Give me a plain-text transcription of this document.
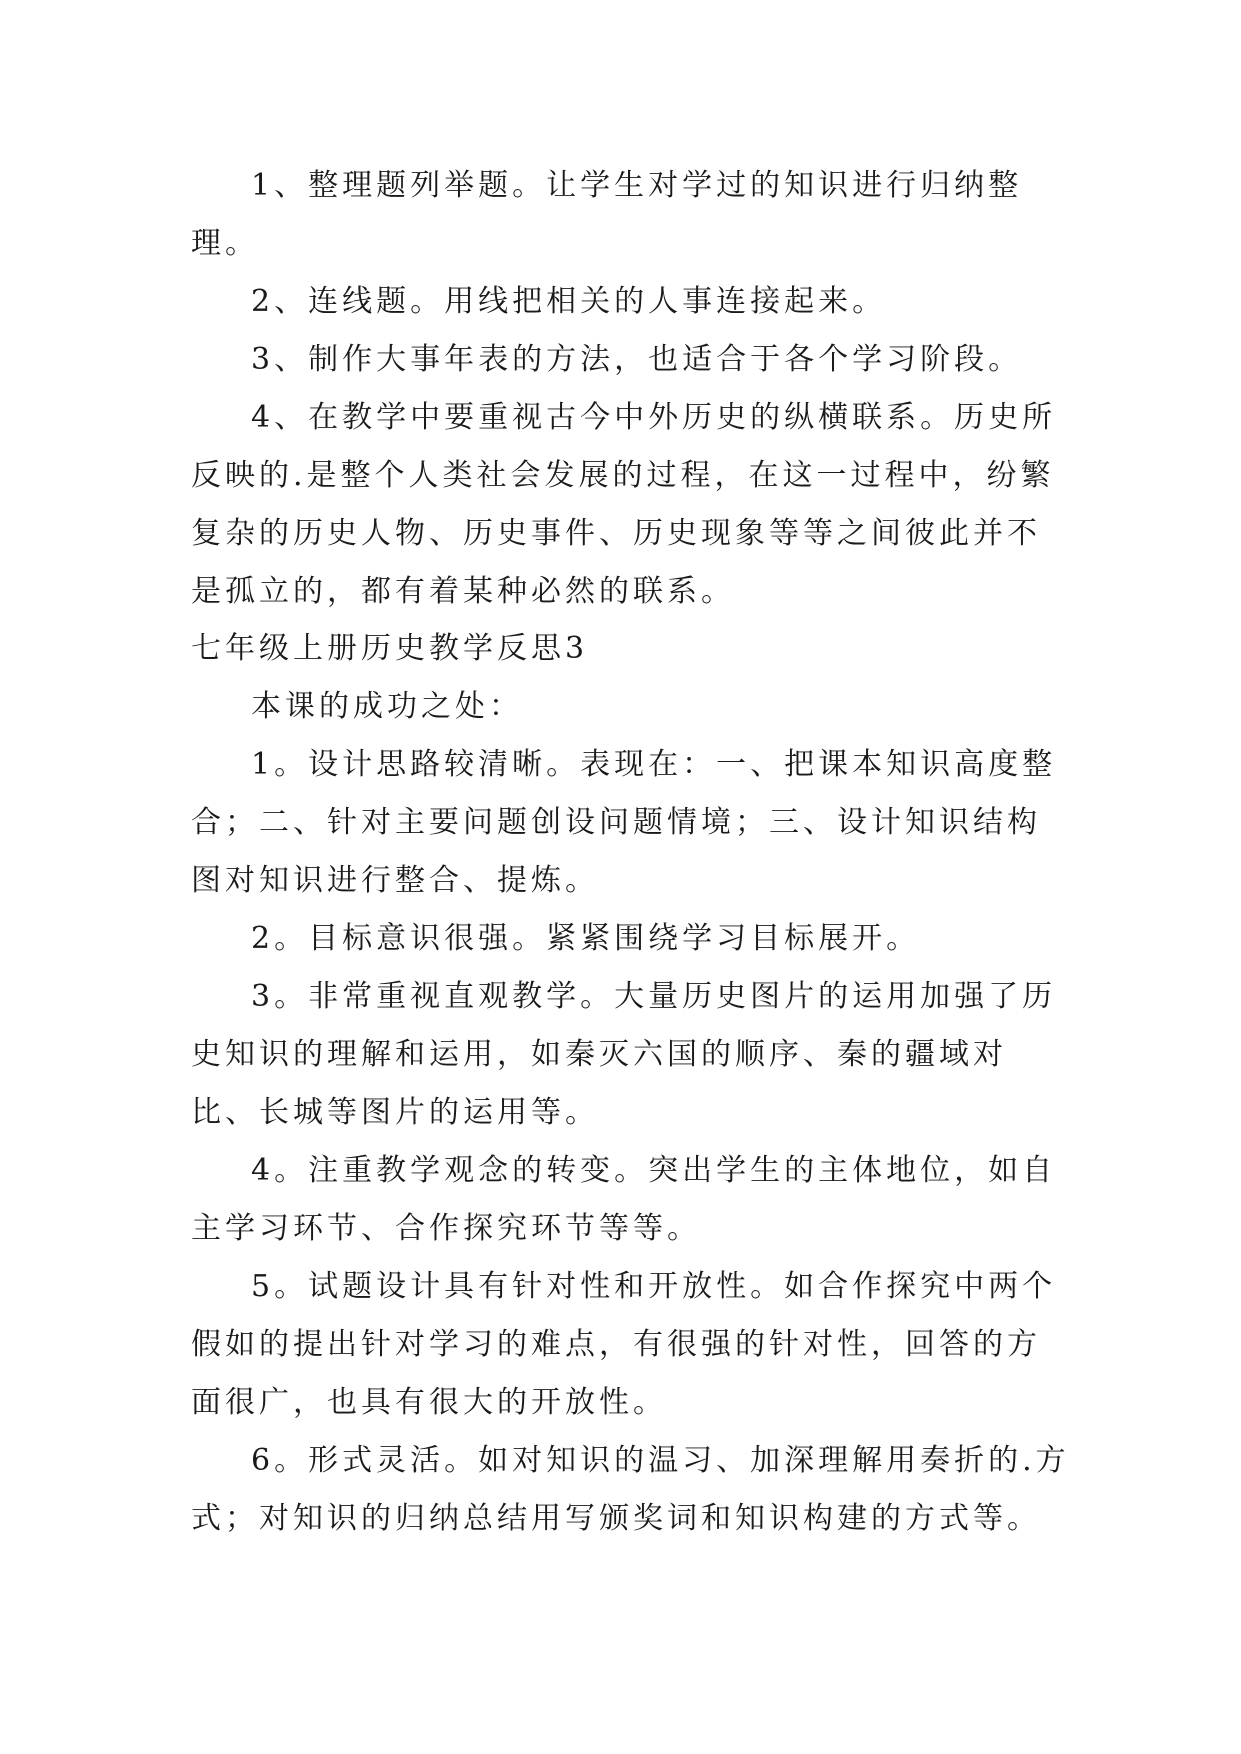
1、整理题列举题。让学生对学过的知识进行归纳整理。

2、连线题。用线把相关的人事连接起来。

3、制作大事年表的方法，也适合于各个学习阶段。

4、在教学中要重视古今中外历史的纵横联系。历史所反映的.是整个人类社会发展的过程，在这一过程中，纷繁复杂的历史人物、历史事件、历史现象等等之间彼此并不是孤立的，都有着某种必然的联系。

七年级上册历史教学反思3

本课的成功之处：

1。设计思路较清晰。表现在：一、把课本知识高度整合；二、针对主要问题创设问题情境；三、设计知识结构图对知识进行整合、提炼。

2。目标意识很强。紧紧围绕学习目标展开。

3。非常重视直观教学。大量历史图片的运用加强了历史知识的理解和运用，如秦灭六国的顺序、秦的疆域对比、长城等图片的运用等。

4。注重教学观念的转变。突出学生的主体地位，如自主学习环节、合作探究环节等等。

5。试题设计具有针对性和开放性。如合作探究中两个假如的提出针对学习的难点，有很强的针对性，回答的方面很广，也具有很大的开放性。

6。形式灵活。如对知识的温习、加深理解用奏折的.方式；对知识的归纳总结用写颁奖词和知识构建的方式等。
